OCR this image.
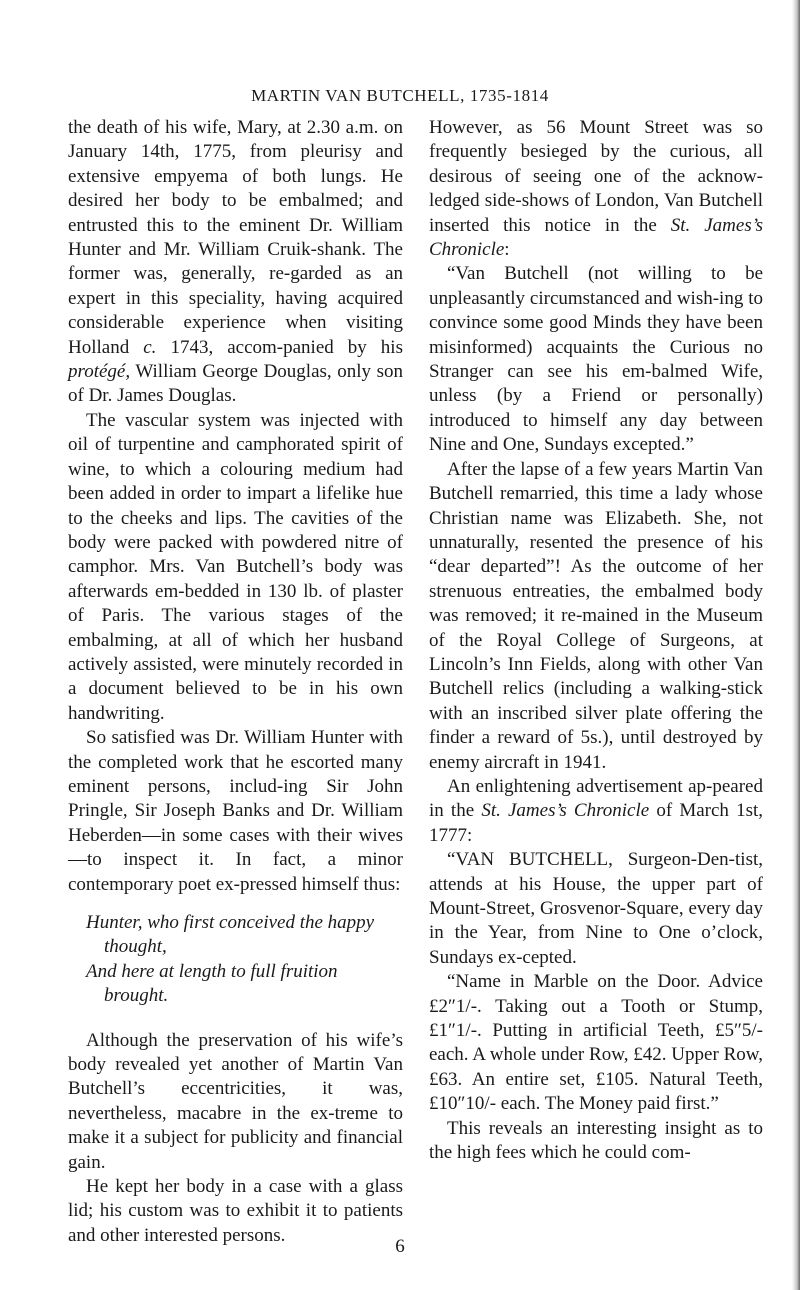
MARTIN VAN BUTCHELL, 1735-1814

the death of his wife, Mary, at 2.30 a.m. on January 14th, 1775, from pleurisy and extensive empyema of both lungs. He desired her body to be embalmed; and entrusted this to the eminent Dr. William Hunter and Mr. William Cruik-shank. The former was, generally, re-garded as an expert in this speciality, having acquired considerable experience when visiting Holland c. 1743, accom-panied by his protégé, William George Douglas, only son of Dr. James Douglas.

The vascular system was injected with oil of turpentine and camphorated spirit of wine, to which a colouring medium had been added in order to impart a lifelike hue to the cheeks and lips. The cavities of the body were packed with powdered nitre of camphor. Mrs. Van Butchell’s body was afterwards em-bedded in 130 lb. of plaster of Paris. The various stages of the embalming, at all of which her husband actively assisted, were minutely recorded in a document believed to be in his own handwriting.

So satisfied was Dr. William Hunter with the completed work that he escorted many eminent persons, includ-ing Sir John Pringle, Sir Joseph Banks and Dr. William Heberden—in some cases with their wives—to inspect it. In fact, a minor contemporary poet ex-pressed himself thus:

Hunter, who first conceived the happy
thought,
And here at length to full fruition
brought.

Although the preservation of his wife’s body revealed yet another of Martin Van Butchell’s eccentricities, it was, nevertheless, macabre in the ex-treme to make it a subject for publicity and financial gain.

He kept her body in a case with a glass lid; his custom was to exhibit it to patients and other interested persons.

However, as 56 Mount Street was so frequently besieged by the curious, all desirous of seeing one of the acknow-ledged side-shows of London, Van Butchell inserted this notice in the St. James’s Chronicle:

“Van Butchell (not willing to be unpleasantly circumstanced and wish-ing to convince some good Minds they have been misinformed) acquaints the Curious no Stranger can see his em-balmed Wife, unless (by a Friend or personally) introduced to himself any day between Nine and One, Sundays excepted.”

After the lapse of a few years Martin Van Butchell remarried, this time a lady whose Christian name was Elizabeth. She, not unnaturally, resented the presence of his “dear departed”! As the outcome of her strenuous entreaties, the embalmed body was removed; it re-mained in the Museum of the Royal College of Surgeons, at Lincoln’s Inn Fields, along with other Van Butchell relics (including a walking-stick with an inscribed silver plate offering the finder a reward of 5s.), until destroyed by enemy aircraft in 1941.

An enlightening advertisement ap-peared in the St. James’s Chronicle of March 1st, 1777:

“VAN BUTCHELL, Surgeon-Den-tist, attends at his House, the upper part of Mount-Street, Grosvenor-Square, every day in the Year, from Nine to One o’clock, Sundays ex-cepted.

“Name in Marble on the Door. Advice £2″1/-. Taking out a Tooth or Stump, £1″1/-. Putting in artificial Teeth, £5″5/- each. A whole under Row, £42. Upper Row, £63. An entire set, £105. Natural Teeth, £10″10/- each. The Money paid first.”

This reveals an interesting insight as to the high fees which he could com-

6
